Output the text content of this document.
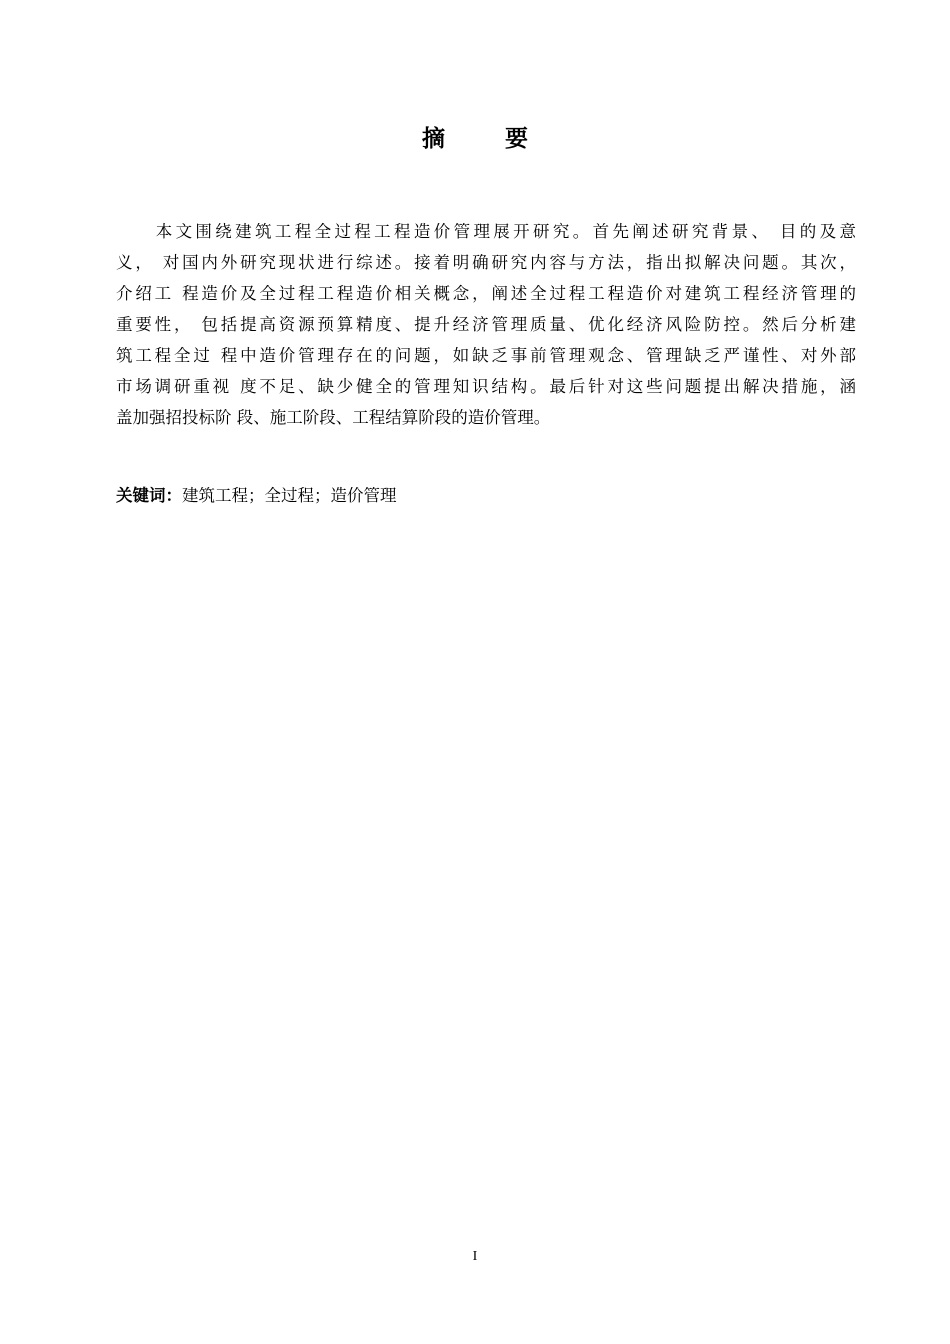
摘 要
　　本文围绕建筑工程全过程工程造价管理展开研究。首先阐述研究背景、 目的及意
义， 对国内外研究现状进行综述。接着明确研究内容与方法，指出拟解决问题。其次，
介绍工 程造价及全过程工程造价相关概念，阐述全过程工程造价对建筑工程经济管理的
重要性， 包括提高资源预算精度、提升经济管理质量、优化经济风险防控。然后分析建
筑工程全过 程中造价管理存在的问题，如缺乏事前管理观念、管理缺乏严谨性、对外部
市场调研重视 度不足、缺少健全的管理知识结构。最后针对这些问题提出解决措施，涵
盖加强招投标阶 段、施工阶段、工程结算阶段的造价管理。
关键词：建筑工程；全过程；造价管理
I
